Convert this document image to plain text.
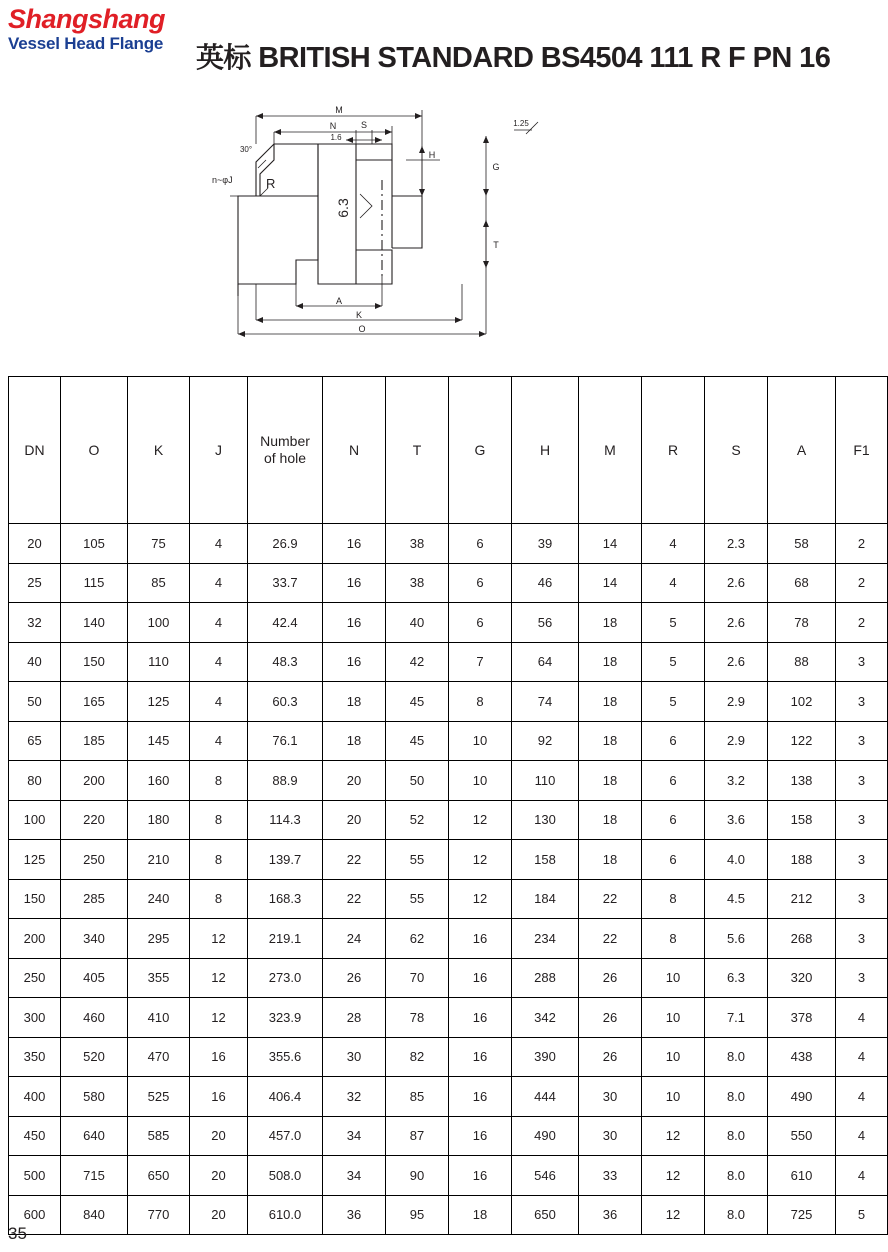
Shangshang
Vessel Head Flange	英标 BRITISH STANDARD BS4504 111 R F PN 16
M
N	S
1.6
1.25
30°
n~φJ	R
6.3
H
G
T
A
K
O
DN	O	K	J	Number
of hole	N	T	G	H	M	R	S	A	F1
20	105	75	4	26.9	16	38	6	39	14	4	2.3	58	2
25	115	85	4	33.7	16	38	6	46	14	4	2.6	68	2
32	140	100	4	42.4	16	40	6	56	18	5	2.6	78	2
40	150	110	4	48.3	16	42	7	64	18	5	2.6	88	3
50	165	125	4	60.3	18	45	8	74	18	5	2.9	102	3
65	185	145	4	76.1	18	45	10	92	18	6	2.9	122	3
80	200	160	8	88.9	20	50	10	110	18	6	3.2	138	3
100	220	180	8	114.3	20	52	12	130	18	6	3.6	158	3
125	250	210	8	139.7	22	55	12	158	18	6	4.0	188	3
150	285	240	8	168.3	22	55	12	184	22	8	4.5	212	3
200	340	295	12	219.1	24	62	16	234	22	8	5.6	268	3
250	405	355	12	273.0	26	70	16	288	26	10	6.3	320	3
300	460	410	12	323.9	28	78	16	342	26	10	7.1	378	4
350	520	470	16	355.6	30	82	16	390	26	10	8.0	438	4
400	580	525	16	406.4	32	85	16	444	30	10	8.0	490	4
450	640	585	20	457.0	34	87	16	490	30	12	8.0	550	4
500	715	650	20	508.0	34	90	16	546	33	12	8.0	610	4
600	840	770	20	610.0	36	95	18	650	36	12	8.0	725	5
35
